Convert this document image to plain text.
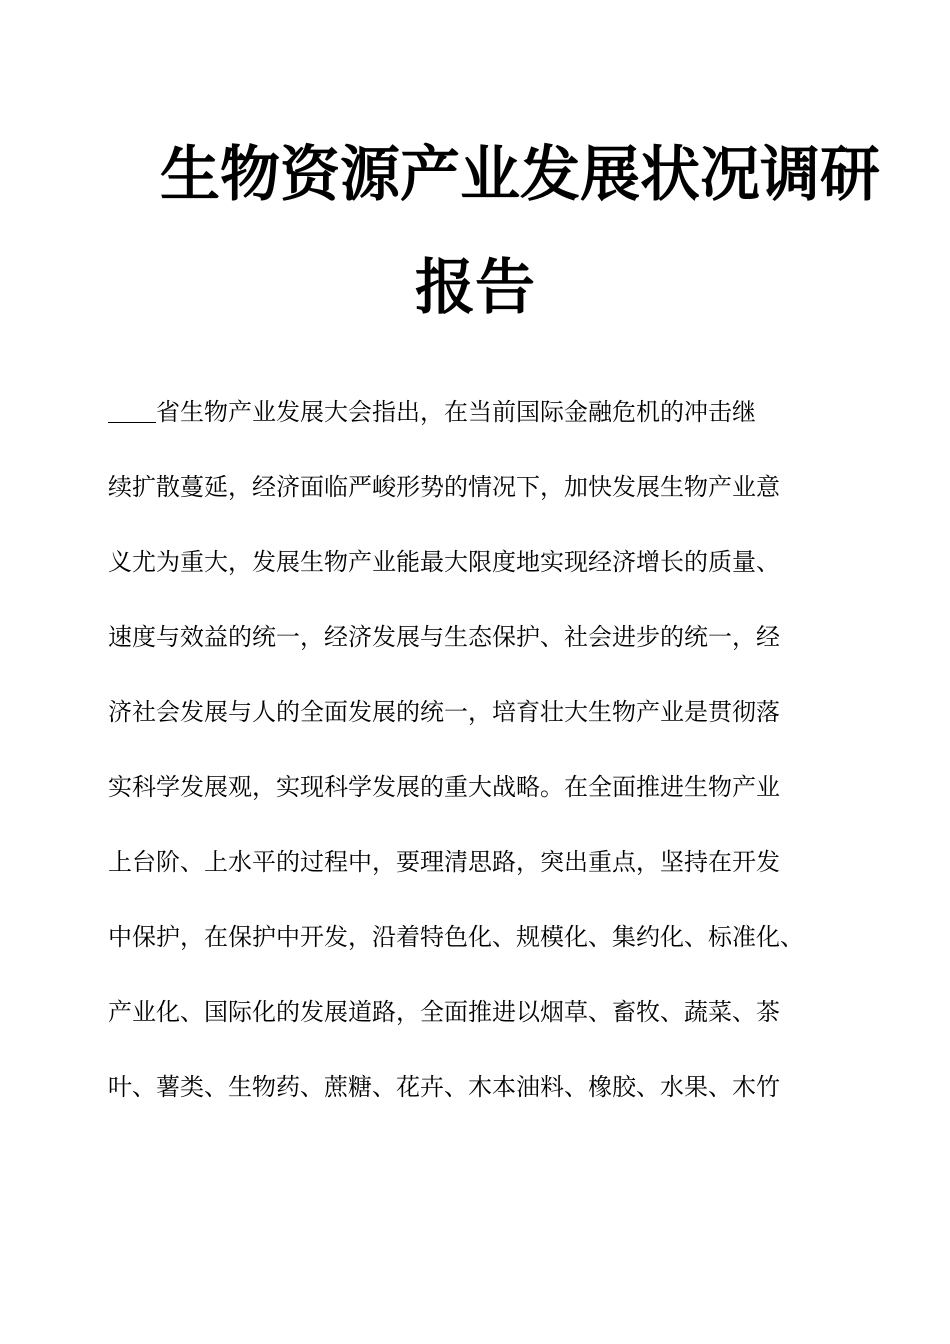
生物资源产业发展状况调研
报告

＿＿省生物产业发展大会指出，在当前国际金融危机的冲击继

续扩散蔓延，经济面临严峻形势的情况下，加快发展生物产业意

义尤为重大，发展生物产业能最大限度地实现经济增长的质量、

速度与效益的统一，经济发展与生态保护、社会进步的统一，经

济社会发展与人的全面发展的统一，培育壮大生物产业是贯彻落

实科学发展观，实现科学发展的重大战略。在全面推进生物产业

上台阶、上水平的过程中，要理清思路，突出重点，坚持在开发

中保护，在保护中开发，沿着特色化、规模化、集约化、标准化、

产业化、国际化的发展道路，全面推进以烟草、畜牧、蔬菜、茶

叶、薯类、生物药、蔗糖、花卉、木本油料、橡胶、水果、木竹
